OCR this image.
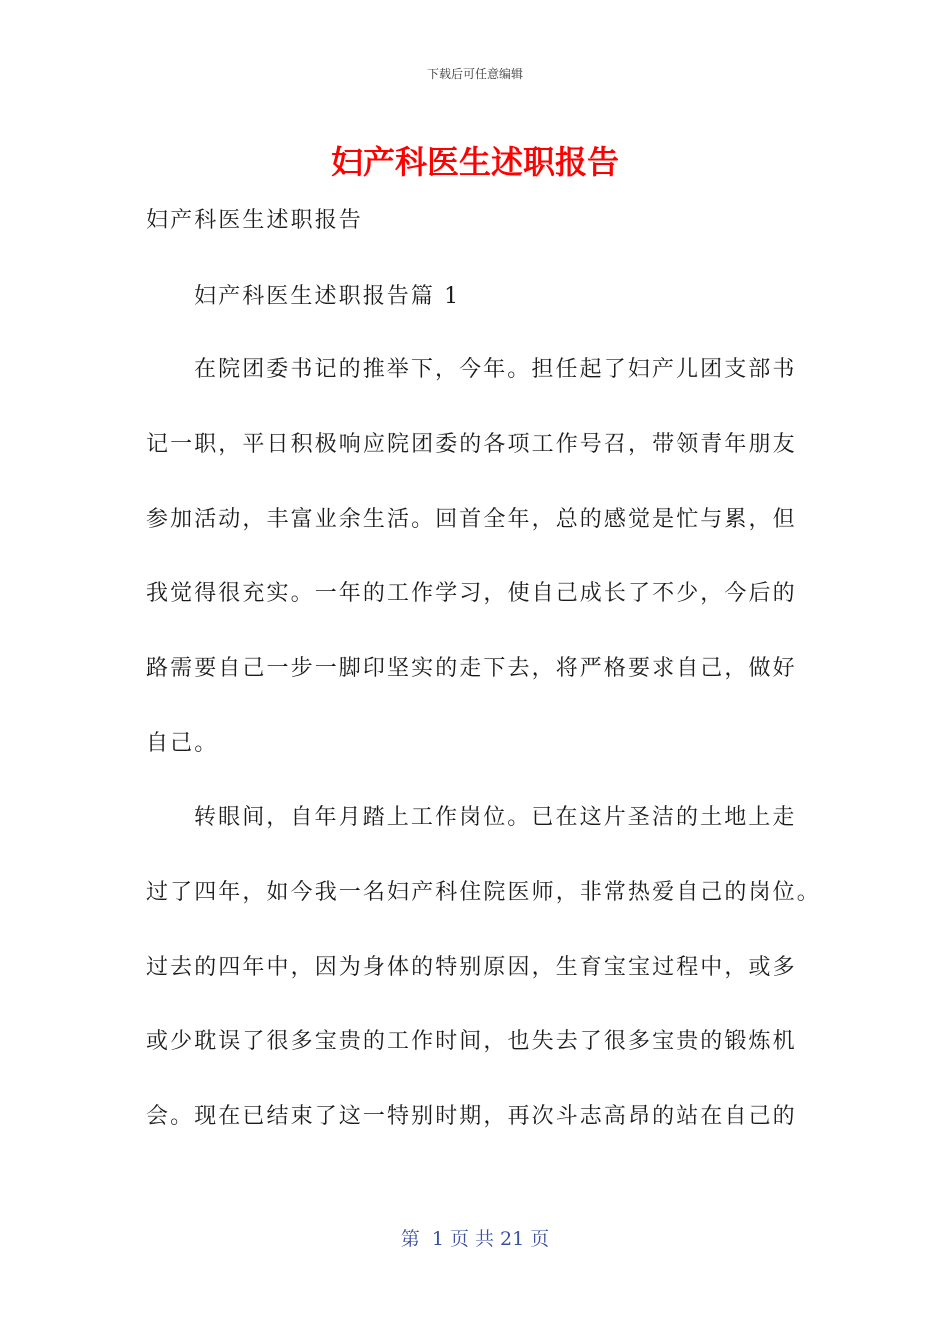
下载后可任意编辑
妇产科医生述职报告
妇产科医生述职报告
妇产科医生述职报告篇 1
在院团委书记的推举下，今年。担任起了妇产儿团支部书
记一职，平日积极响应院团委的各项工作号召，带领青年朋友
参加活动，丰富业余生活。回首全年，总的感觉是忙与累，但
我觉得很充实。一年的工作学习，使自己成长了不少，今后的
路需要自己一步一脚印坚实的走下去，将严格要求自己，做好
自己。
转眼间，自年月踏上工作岗位。已在这片圣洁的土地上走
过了四年，如今我一名妇产科住院医师，非常热爱自己的岗位。
过去的四年中，因为身体的特别原因，生育宝宝过程中，或多
或少耽误了很多宝贵的工作时间，也失去了很多宝贵的锻炼机
会。现在已结束了这一特别时期，再次斗志高昂的站在自己的
第  1 页 共 21 页
